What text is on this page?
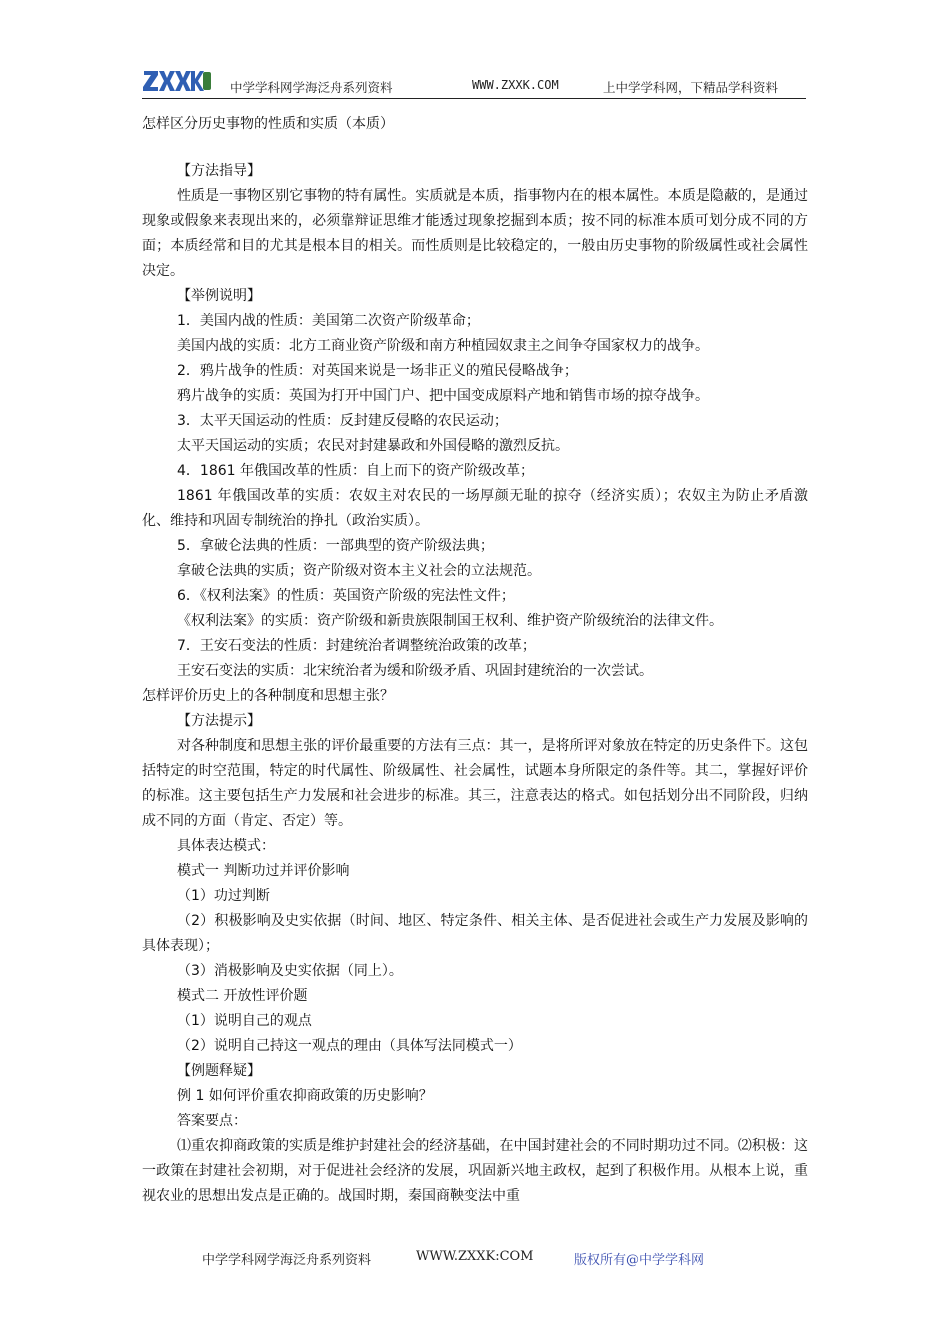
中学学科网学海泛舟系列资料	WWW.ZXXK.COM	上中学学科网，下精品学科资料
怎样区分历史事物的性质和实质（本质）
【方法指导】
性质是一事物区别它事物的特有属性。实质就是本质，指事物内在的根本属性。本质是隐蔽的，是通过现象或假象来表现出来的，必须靠辩证思维才能透过现象挖掘到本质；按不同的标准本质可划分成不同的方面；本质经常和目的尤其是根本目的相关。而性质则是比较稳定的，一般由历史事物的阶级属性或社会属性决定。
【举例说明】
1．美国内战的性质：美国第二次资产阶级革命；
美国内战的实质：北方工商业资产阶级和南方种植园奴隶主之间争夺国家权力的战争。
2．鸦片战争的性质：对英国来说是一场非正义的殖民侵略战争；
鸦片战争的实质：英国为打开中国门户、把中国变成原料产地和销售市场的掠夺战争。
3．太平天国运动的性质：反封建反侵略的农民运动；
太平天国运动的实质；农民对封建暴政和外国侵略的激烈反抗。
4．1861 年俄国改革的性质：自上而下的资产阶级改革；
1861 年俄国改革的实质：农奴主对农民的一场厚颜无耻的掠夺（经济实质）；农奴主为防止矛盾激化、维持和巩固专制统治的挣扎（政治实质）。
5．拿破仑法典的性质：一部典型的资产阶级法典；
拿破仑法典的实质；资产阶级对资本主义社会的立法规范。
6．《权利法案》的性质：英国资产阶级的宪法性文件；
《权利法案》的实质：资产阶级和新贵族限制国王权利、维护资产阶级统治的法律文件。
7．王安石变法的性质：封建统治者调整统治政策的改革；
王安石变法的实质：北宋统治者为缓和阶级矛盾、巩固封建统治的一次尝试。
怎样评价历史上的各种制度和思想主张？
【方法提示】
对各种制度和思想主张的评价最重要的方法有三点：其一，是将所评对象放在特定的历史条件下。这包括特定的时空范围，特定的时代属性、阶级属性、社会属性，试题本身所限定的条件等。其二，掌握好评价的标准。这主要包括生产力发展和社会进步的标准。其三，注意表达的格式。如包括划分出不同阶段，归纳成不同的方面（肯定、否定）等。
具体表达模式：
模式一 判断功过并评价影响
（1）功过判断
（2）积极影响及史实依据（时间、地区、特定条件、相关主体、是否促进社会或生产力发展及影响的具体表现）；
（3）消极影响及史实依据（同上）。
模式二 开放性评价题
（1）说明自己的观点
（2）说明自己持这一观点的理由（具体写法同模式一）
【例题释疑】
例 1 如何评价重农抑商政策的历史影响？
答案要点：
⑴重农抑商政策的实质是维护封建社会的经济基础，在中国封建社会的不同时期功过不同。⑵积极：这一政策在封建社会初期，对于促进社会经济的发展，巩固新兴地主政权，起到了积极作用。从根本上说，重视农业的思想出发点是正确的。战国时期，秦国商鞅变法中重
中学学科网学海泛舟系列资料	WWW.ZXXK:COM	版权所有@中学学科网
